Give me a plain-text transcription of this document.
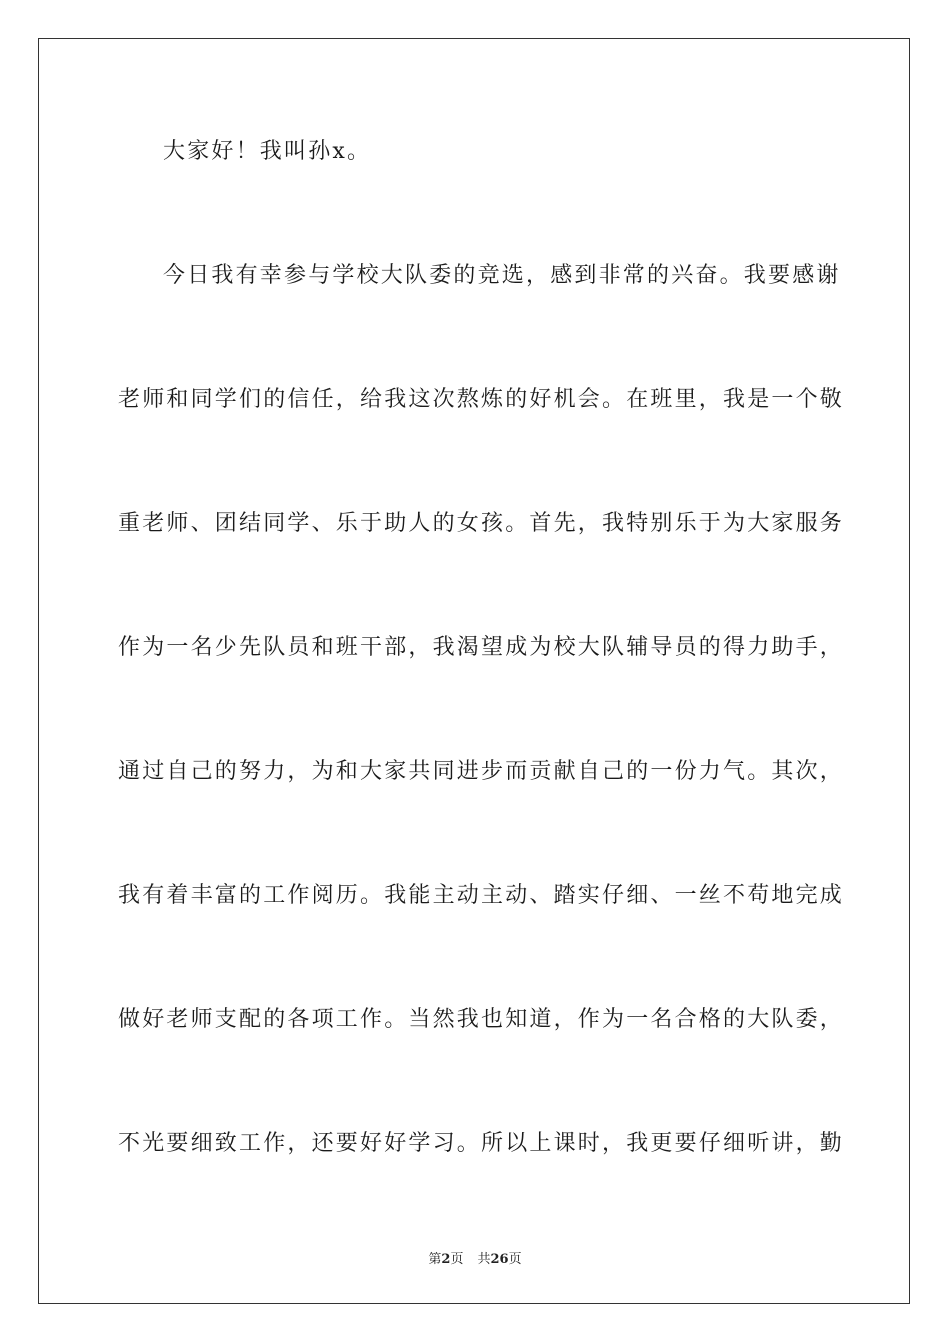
大家好！我叫孙x。
今日我有幸参与学校大队委的竞选，感到非常的兴奋。我要感谢
老师和同学们的信任，给我这次熬炼的好机会。在班里，我是一个敬
重老师、团结同学、乐于助人的女孩。首先，我特别乐于为大家服务
作为一名少先队员和班干部，我渴望成为校大队辅导员的得力助手，
通过自己的努力，为和大家共同进步而贡献自己的一份力气。其次，
我有着丰富的工作阅历。我能主动主动、踏实仔细、一丝不苟地完成
做好老师支配的各项工作。当然我也知道，作为一名合格的大队委，
不光要细致工作，还要好好学习。所以上课时，我更要仔细听讲，勤
第2页 共26页
